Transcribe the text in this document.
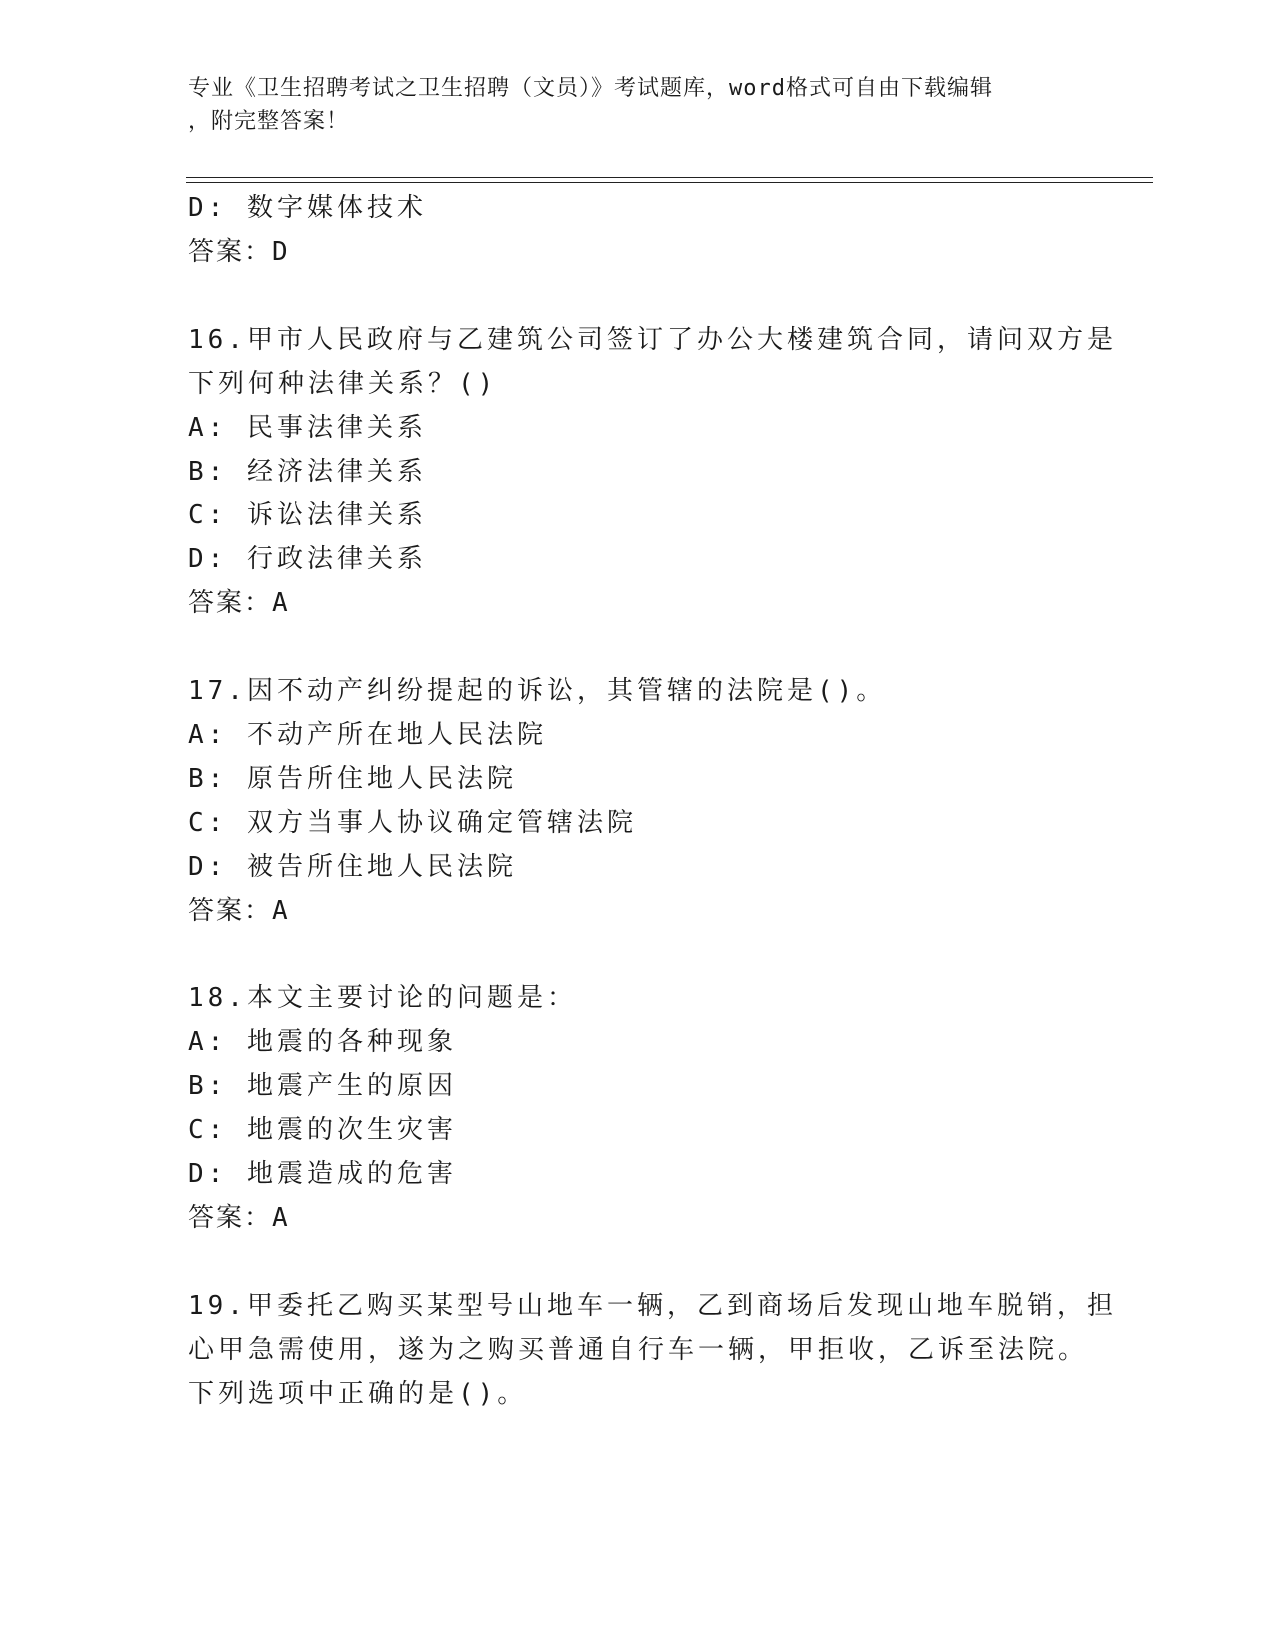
专业《卫生招聘考试之卫生招聘（文员）》考试题库，word格式可自由下载编辑
，附完整答案！
D: 数字媒体技术
答案：D
16.甲市人民政府与乙建筑公司签订了办公大楼建筑合同，请问双方是
下列何种法律关系？()
A: 民事法律关系
B: 经济法律关系
C: 诉讼法律关系
D: 行政法律关系
答案：A
17.因不动产纠纷提起的诉讼，其管辖的法院是()。
A: 不动产所在地人民法院
B: 原告所住地人民法院
C: 双方当事人协议确定管辖法院
D: 被告所住地人民法院
答案：A
18.本文主要讨论的问题是：
A: 地震的各种现象
B: 地震产生的原因
C: 地震的次生灾害
D: 地震造成的危害
答案：A
19.甲委托乙购买某型号山地车一辆，乙到商场后发现山地车脱销，担
心甲急需使用，遂为之购买普通自行车一辆，甲拒收，乙诉至法院。
下列选项中正确的是()。
